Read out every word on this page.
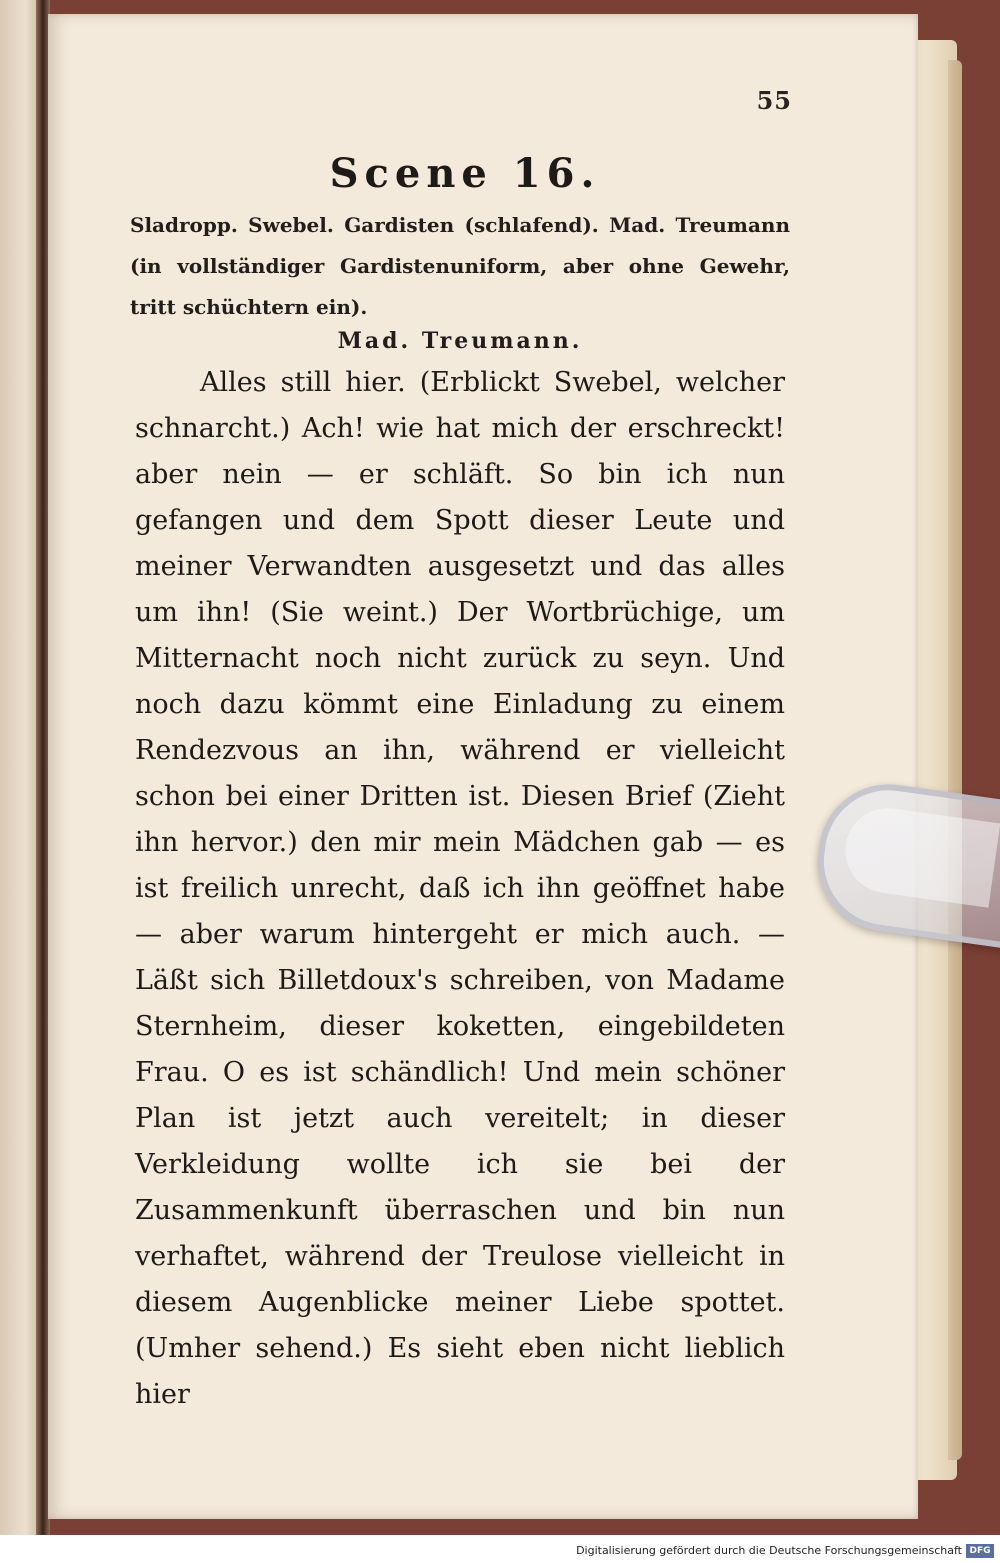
55
Scene 16.
Sladropp. Swebel. Gardisten (schlafend). Mad. Treumann (in vollständiger Gardistenuniform, aber ohne Gewehr, tritt schüchtern ein).
Mad. Treumann.

Alles still hier. (Erblickt Swebel, welcher schnarcht.) Ach! wie hat mich der erschreckt! aber nein — er schläft. So bin ich nun gefangen und dem Spott dieser Leute und meiner Verwandten ausgesetzt und das alles um ihn! (Sie weint.) Der Wortbrüchige, um Mitternacht noch nicht zurück zu seyn. Und noch dazu kömmt eine Einladung zu einem Rendezvous an ihn, während er vielleicht schon bei einer Dritten ist. Diesen Brief (Zieht ihn hervor.) den mir mein Mädchen gab — es ist freilich unrecht, daß ich ihn geöffnet habe — aber warum hintergeht er mich auch. — Läßt sich Billetdoux's schreiben, von Madame Sternheim, dieser koketten, eingebildeten Frau. O es ist schändlich! Und mein schöner Plan ist jetzt auch vereitelt; in dieser Verkleidung wollte ich sie bei der Zusammenkunft überraschen und bin nun verhaftet, während der Treulose vielleicht in diesem Augenblicke meiner Liebe spottet. (Umher sehend.) Es sieht eben nicht lieblich hier

Digitalisierung gefördert durch die Deutsche Forschungsgemeinschaft DFG
